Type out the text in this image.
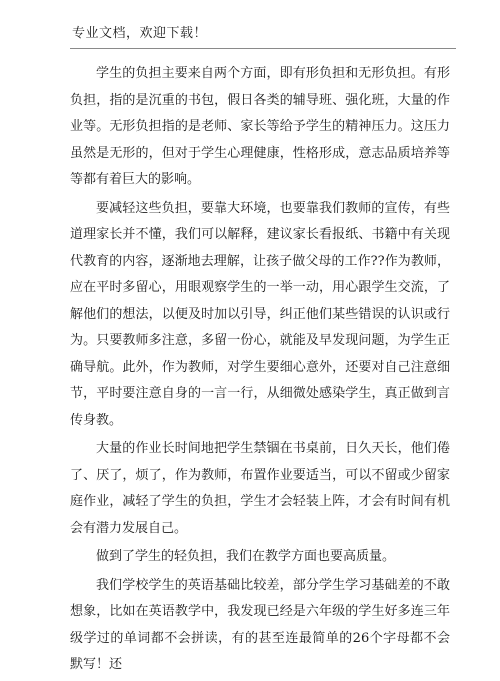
专业文档，欢迎下载！

学生的负担主要来自两个方面，即有形负担和无形负担。有形负担，指的是沉重的书包，假日各类的辅导班、强化班，大量的作业等。无形负担指的是老师、家长等给予学生的精神压力。这压力虽然是无形的，但对于学生心理健康，性格形成，意志品质培养等等都有着巨大的影响。

要减轻这些负担，要靠大环境，也要靠我们教师的宣传，有些道理家长并不懂，我们可以解释，建议家长看报纸、书籍中有关现代教育的内容，逐渐地去理解，让孩子做父母的工作??作为教师，应在平时多留心，用眼观察学生的一举一动，用心跟学生交流，了解他们的想法，以便及时加以引导，纠正他们某些错误的认识或行为。只要教师多注意，多留一份心，就能及早发现问题，为学生正确导航。此外，作为教师，对学生要细心意外，还要对自己注意细节，平时要注意自身的一言一行，从细微处感染学生，真正做到言传身教。

大量的作业长时间地把学生禁锢在书桌前，日久天长，他们倦了、厌了，烦了，作为教师，布置作业要适当，可以不留或少留家庭作业，减轻了学生的负担，学生才会轻装上阵，才会有时间有机会有潜力发展自己。

做到了学生的轻负担，我们在教学方面也要高质量。

我们学校学生的英语基础比较差，部分学生学习基础差的不敢想象，比如在英语教学中，我发现已经是六年级的学生好多连三年级学过的单词都不会拼读，有的甚至连最简单的26个字母都不会默写！还
